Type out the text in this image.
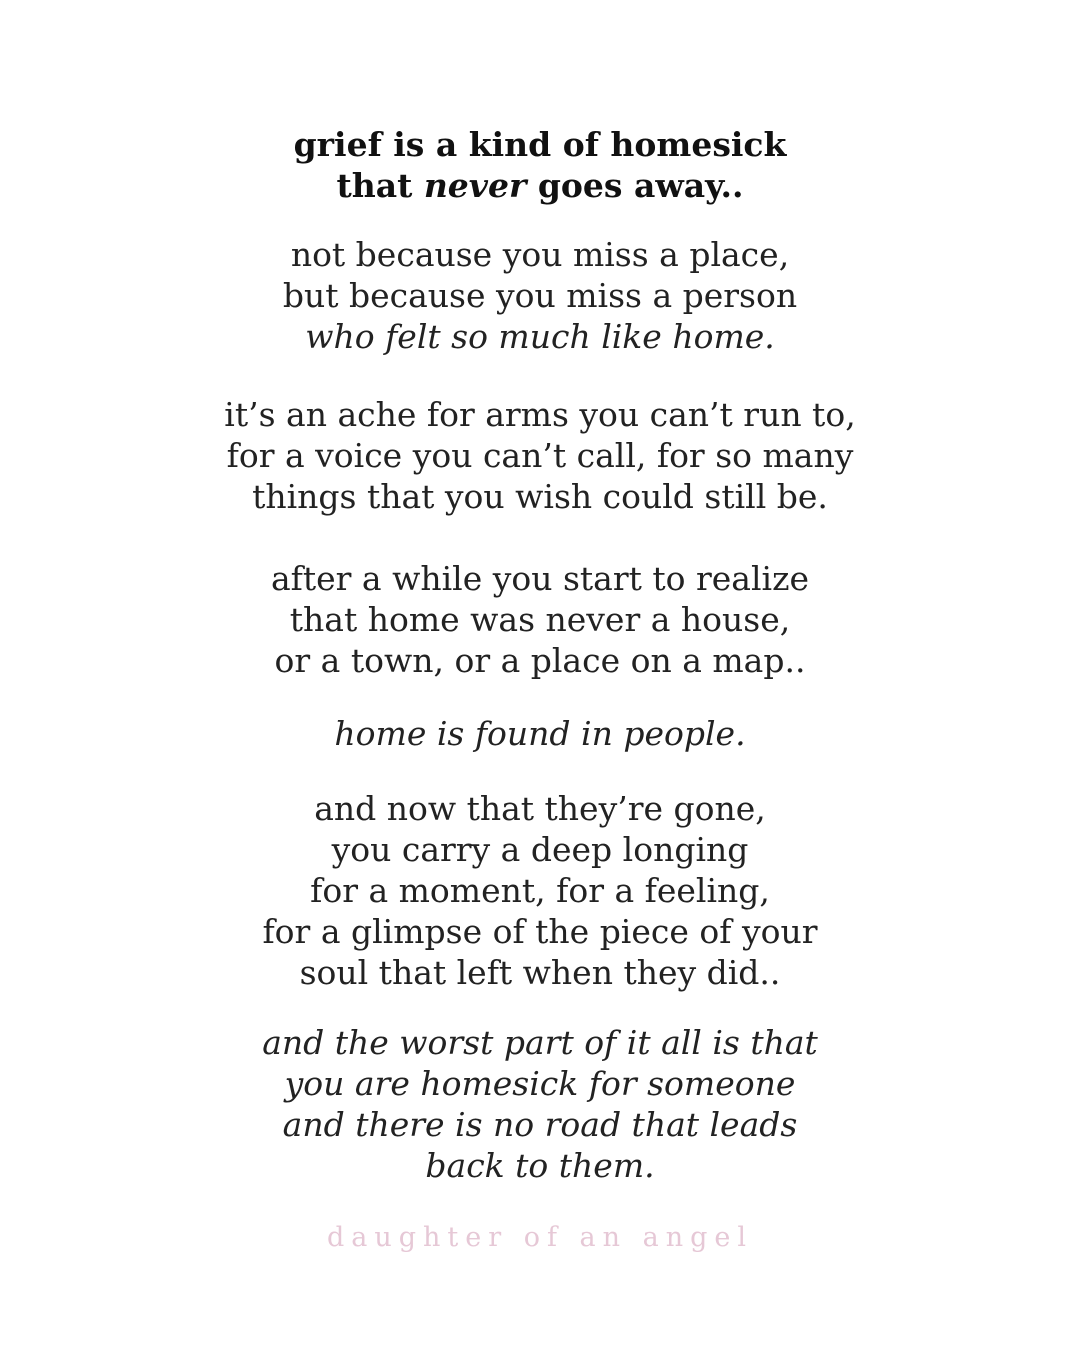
grief is a kind of homesick
that never goes away..
not because you miss a place,
but because you miss a person
who felt so much like home.
it’s an ache for arms you can’t run to,
for a voice you can’t call, for so many
things that you wish could still be.
after a while you start to realize
that home was never a house,
or a town, or a place on a map..
home is found in people.
and now that they’re gone,
you carry a deep longing
for a moment, for a feeling,
for a glimpse of the piece of your
soul that left when they did..
and the worst part of it all is that
you are homesick for someone
and there is no road that leads
back to them.
daughter of an angel
